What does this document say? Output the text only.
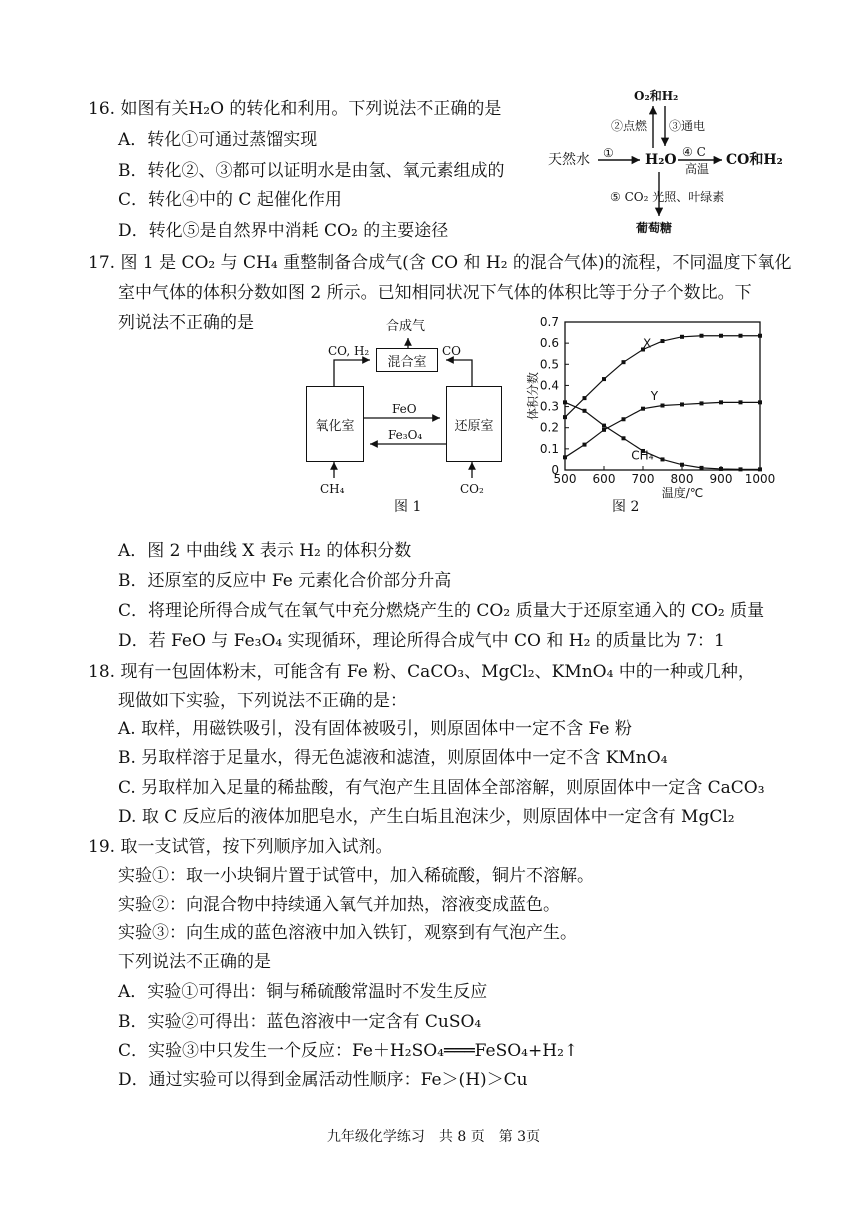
16. 如图有关H₂O 的转化和利用。下列说法不正确的是
A．转化①可通过蒸馏实现
B．转化②、③都可以证明水是由氢、氧元素组成的
C．转化④中的 C 起催化作用
D．转化⑤是自然界中消耗 CO₂ 的主要途径
O₂和H₂
②点燃 ③通电
天然水 ① H₂O ④ C
高温
CO和H₂
⑤ CO₂ 光照、叶绿素
葡萄糖
17. 图 1 是 CO₂ 与 CH₄ 重整制备合成气(含 CO 和 H₂ 的混合气体)的流程，不同温度下氧化
室中气体的体积分数如图 2 所示。已知相同状况下气体的体积比等于分子个数比。下
列说法不正确的是	合成气
混合室
CO, H₂	CO
氧化室	还原室
FeO
Fe₃O₄
CH₄	CO₂
图 1
500 600 700 800 900 1000
0
0.1
0.2
0.3
0.4
0.5
0.6
0.7
温度/℃
体积分数
X
Y
CH₄
图 2
A．图 2 中曲线 X 表示 H₂ 的体积分数
B．还原室的反应中 Fe 元素化合价部分升高
C．将理论所得合成气在氧气中充分燃烧产生的 CO₂ 质量大于还原室通入的 CO₂ 质量
D．若 FeO 与 Fe₃O₄ 实现循环，理论所得合成气中 CO 和 H₂ 的质量比为 7：1
18. 现有一包固体粉末，可能含有 Fe 粉、CaCO₃、MgCl₂、KMnO₄ 中的一种或几种，
现做如下实验，下列说法不正确的是：
A. 取样，用磁铁吸引，没有固体被吸引，则原固体中一定不含 Fe 粉
B. 另取样溶于足量水，得无色滤液和滤渣，则原固体中一定不含 KMnO₄
C. 另取样加入足量的稀盐酸，有气泡产生且固体全部溶解，则原固体中一定含 CaCO₃
D. 取 C 反应后的液体加肥皂水，产生白垢且泡沫少，则原固体中一定含有 MgCl₂
19. 取一支试管，按下列顺序加入试剂。
实验①：取一小块铜片置于试管中，加入稀硫酸，铜片不溶解。
实验②：向混合物中持续通入氧气并加热，溶液变成蓝色。
实验③：向生成的蓝色溶液中加入铁钉，观察到有气泡产生。
下列说法不正确的是
A．实验①可得出：铜与稀硫酸常温时不发生反应
B．实验②可得出：蓝色溶液中一定含有 CuSO₄
C．实验③中只发生一个反应：Fe＋H₂SO₄═══FeSO₄+H₂↑
D．通过实验可以得到金属活动性顺序：Fe＞(H)＞Cu
九年级化学练习　共 8 页　第 3页
